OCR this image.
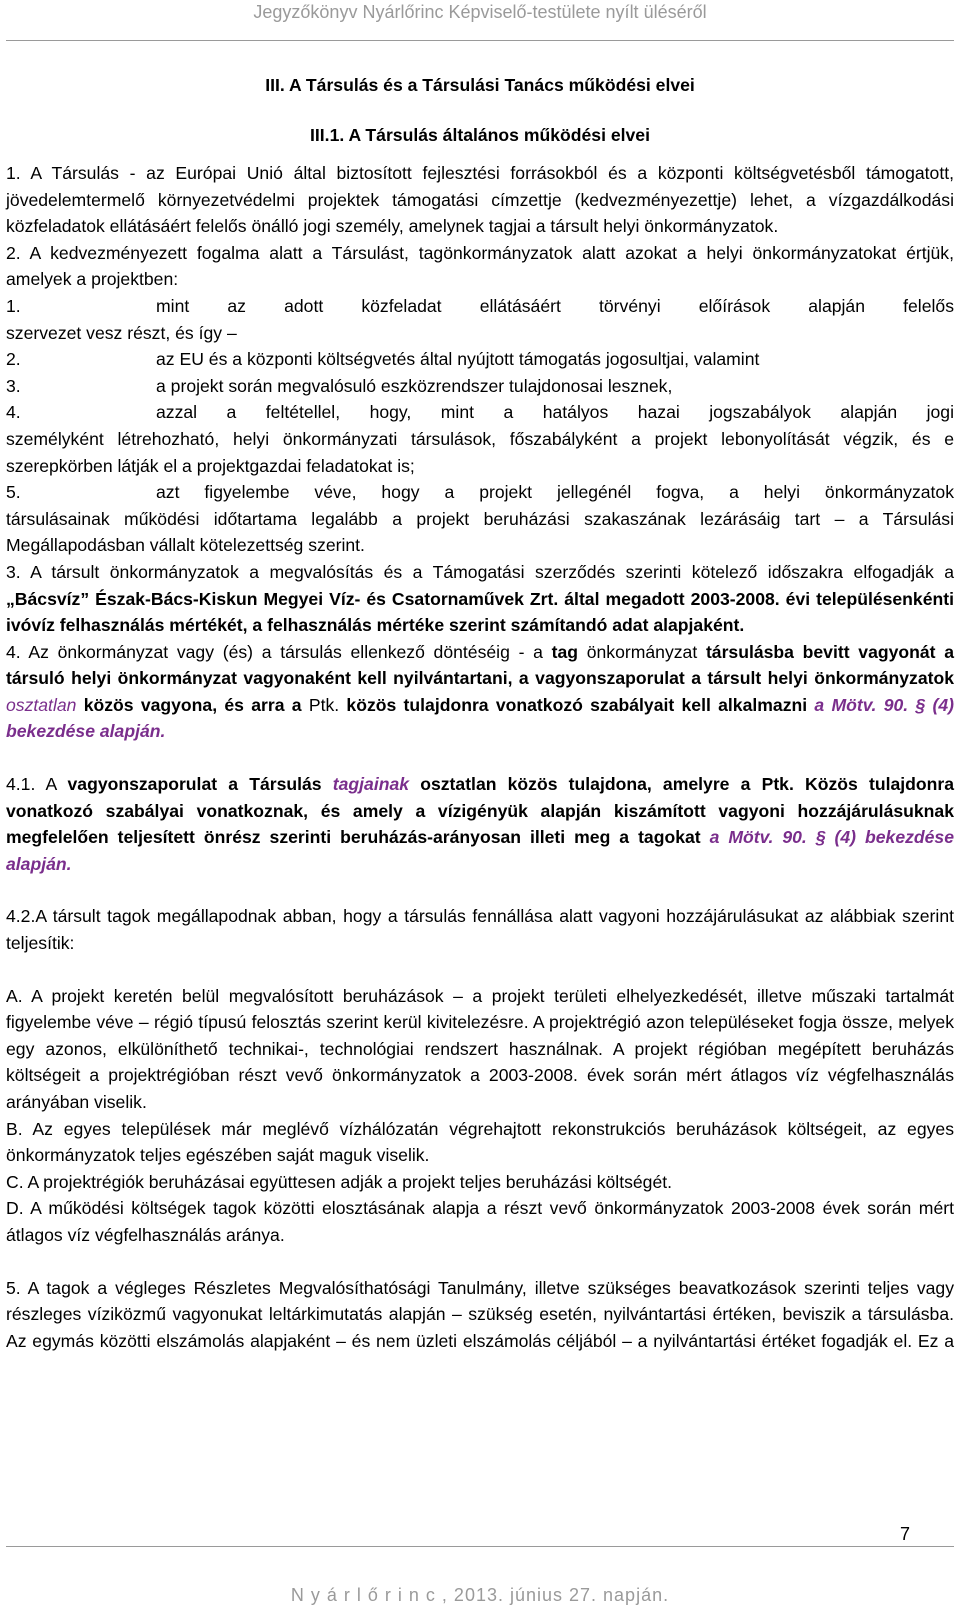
Jegyzőkönyv Nyárlőrinc Képviselő-testülete nyílt üléséről
III. A Társulás és a Társulási Tanács működési elvei
III.1. A Társulás általános működési elvei

1. A Társulás - az Európai Unió által biztosított fejlesztési forrásokból és a központi költségvetésből támogatott, jövedelemtermelő környezetvédelmi projektek támogatási címzettje (kedvezményezettje) lehet, a vízgazdálkodási közfeladatok ellátásáért felelős önálló jogi személy, amelynek tagjai a társult helyi önkormányzatok.

2. A kedvezményezett fogalma alatt a Társulást, tagönkormányzatok alatt azokat a helyi önkormányzatokat értjük, amelyek a projektben:

1.	mint az adott közfeladat ellátásáért törvényi előírások alapján felelős
szervezet vesz részt, és így –
2.	az EU és a központi költségvetés által nyújtott támogatás jogosultjai, valamint
3.	a projekt során megvalósuló eszközrendszer tulajdonosai lesznek,
4.	azzal a feltétellel, hogy, mint a hatályos hazai jogszabályok alapján jogi

személyként létrehozható, helyi önkormányzati társulások, főszabályként a projekt lebonyolítását végzik, és e szerepkörben látják el a projektgazdai feladatokat is;

5.	azt figyelembe véve, hogy a projekt jellegénél fogva, a helyi önkormányzatok

társulásainak működési időtartama legalább a projekt beruházási szakaszának lezárásáig tart – a Társulási Megállapodásban vállalt kötelezettség szerint.

3. A társult önkormányzatok a megvalósítás és a Támogatási szerződés szerinti kötelező időszakra elfogadják a „Bácsvíz” Észak-Bács-Kiskun Megyei Víz- és Csatornaművek Zrt. által megadott 2003-2008. évi településenkénti ivóvíz felhasználás mértékét, a felhasználás mértéke szerint számítandó adat alapjaként.

4. Az önkormányzat vagy (és) a társulás ellenkező döntéséig - a tag önkormányzat társulásba bevitt vagyonát a társuló helyi önkormányzat vagyonaként kell nyilvántartani, a vagyonszaporulat a társult helyi önkormányzatok osztatlan közös vagyona, és arra a Ptk. közös tulajdonra vonatkozó szabályait kell alkalmazni a Mötv. 90. § (4) bekezdése alapján.

4.1. A vagyonszaporulat a Társulás tagjainak osztatlan közös tulajdona, amelyre a Ptk. Közös tulajdonra vonatkozó szabályai vonatkoznak, és amely a vízigényük alapján kiszámított vagyoni hozzájárulásuknak megfelelően teljesített önrész szerinti beruházás-arányosan illeti meg a tagokat a Mötv. 90. § (4) bekezdése alapján.

4.2.A társult tagok megállapodnak abban, hogy a társulás fennállása alatt vagyoni hozzájárulásukat az alábbiak szerint teljesítik:

A. A projekt keretén belül megvalósított beruházások – a projekt területi elhelyezkedését, illetve műszaki tartalmát figyelembe véve – régió típusú felosztás szerint kerül kivitelezésre. A projektrégió azon településeket fogja össze, melyek egy azonos, elkülöníthető technikai-, technológiai rendszert használnak. A projekt régióban megépített beruházás költségeit a projektrégióban részt vevő önkormányzatok a 2003-2008. évek során mért átlagos víz végfelhasználás arányában viselik.

B. Az egyes települések már meglévő vízhálózatán végrehajtott rekonstrukciós beruházások költségeit, az egyes önkormányzatok teljes egészében saját maguk viselik.

C. A projektrégiók beruházásai együttesen adják a projekt teljes beruházási költségét.

D. A működési költségek tagok közötti elosztásának alapja a részt vevő önkormányzatok 2003-2008 évek során mért átlagos víz végfelhasználás aránya.

5. A tagok a végleges Részletes Megvalósíthatósági Tanulmány, illetve szükséges beavatkozások szerinti teljes vagy részleges víziközmű vagyonukat leltárkimutatás alapján – szükség esetén, nyilvántartási értéken, beviszik a társulásba. Az egymás közötti elszámolás alapjaként – és nem üzleti elszámolás céljából – a nyilvántartási értéket fogadják el. Ez a

7
N y á r l ő r i n c , 2013. június 27. napján.
